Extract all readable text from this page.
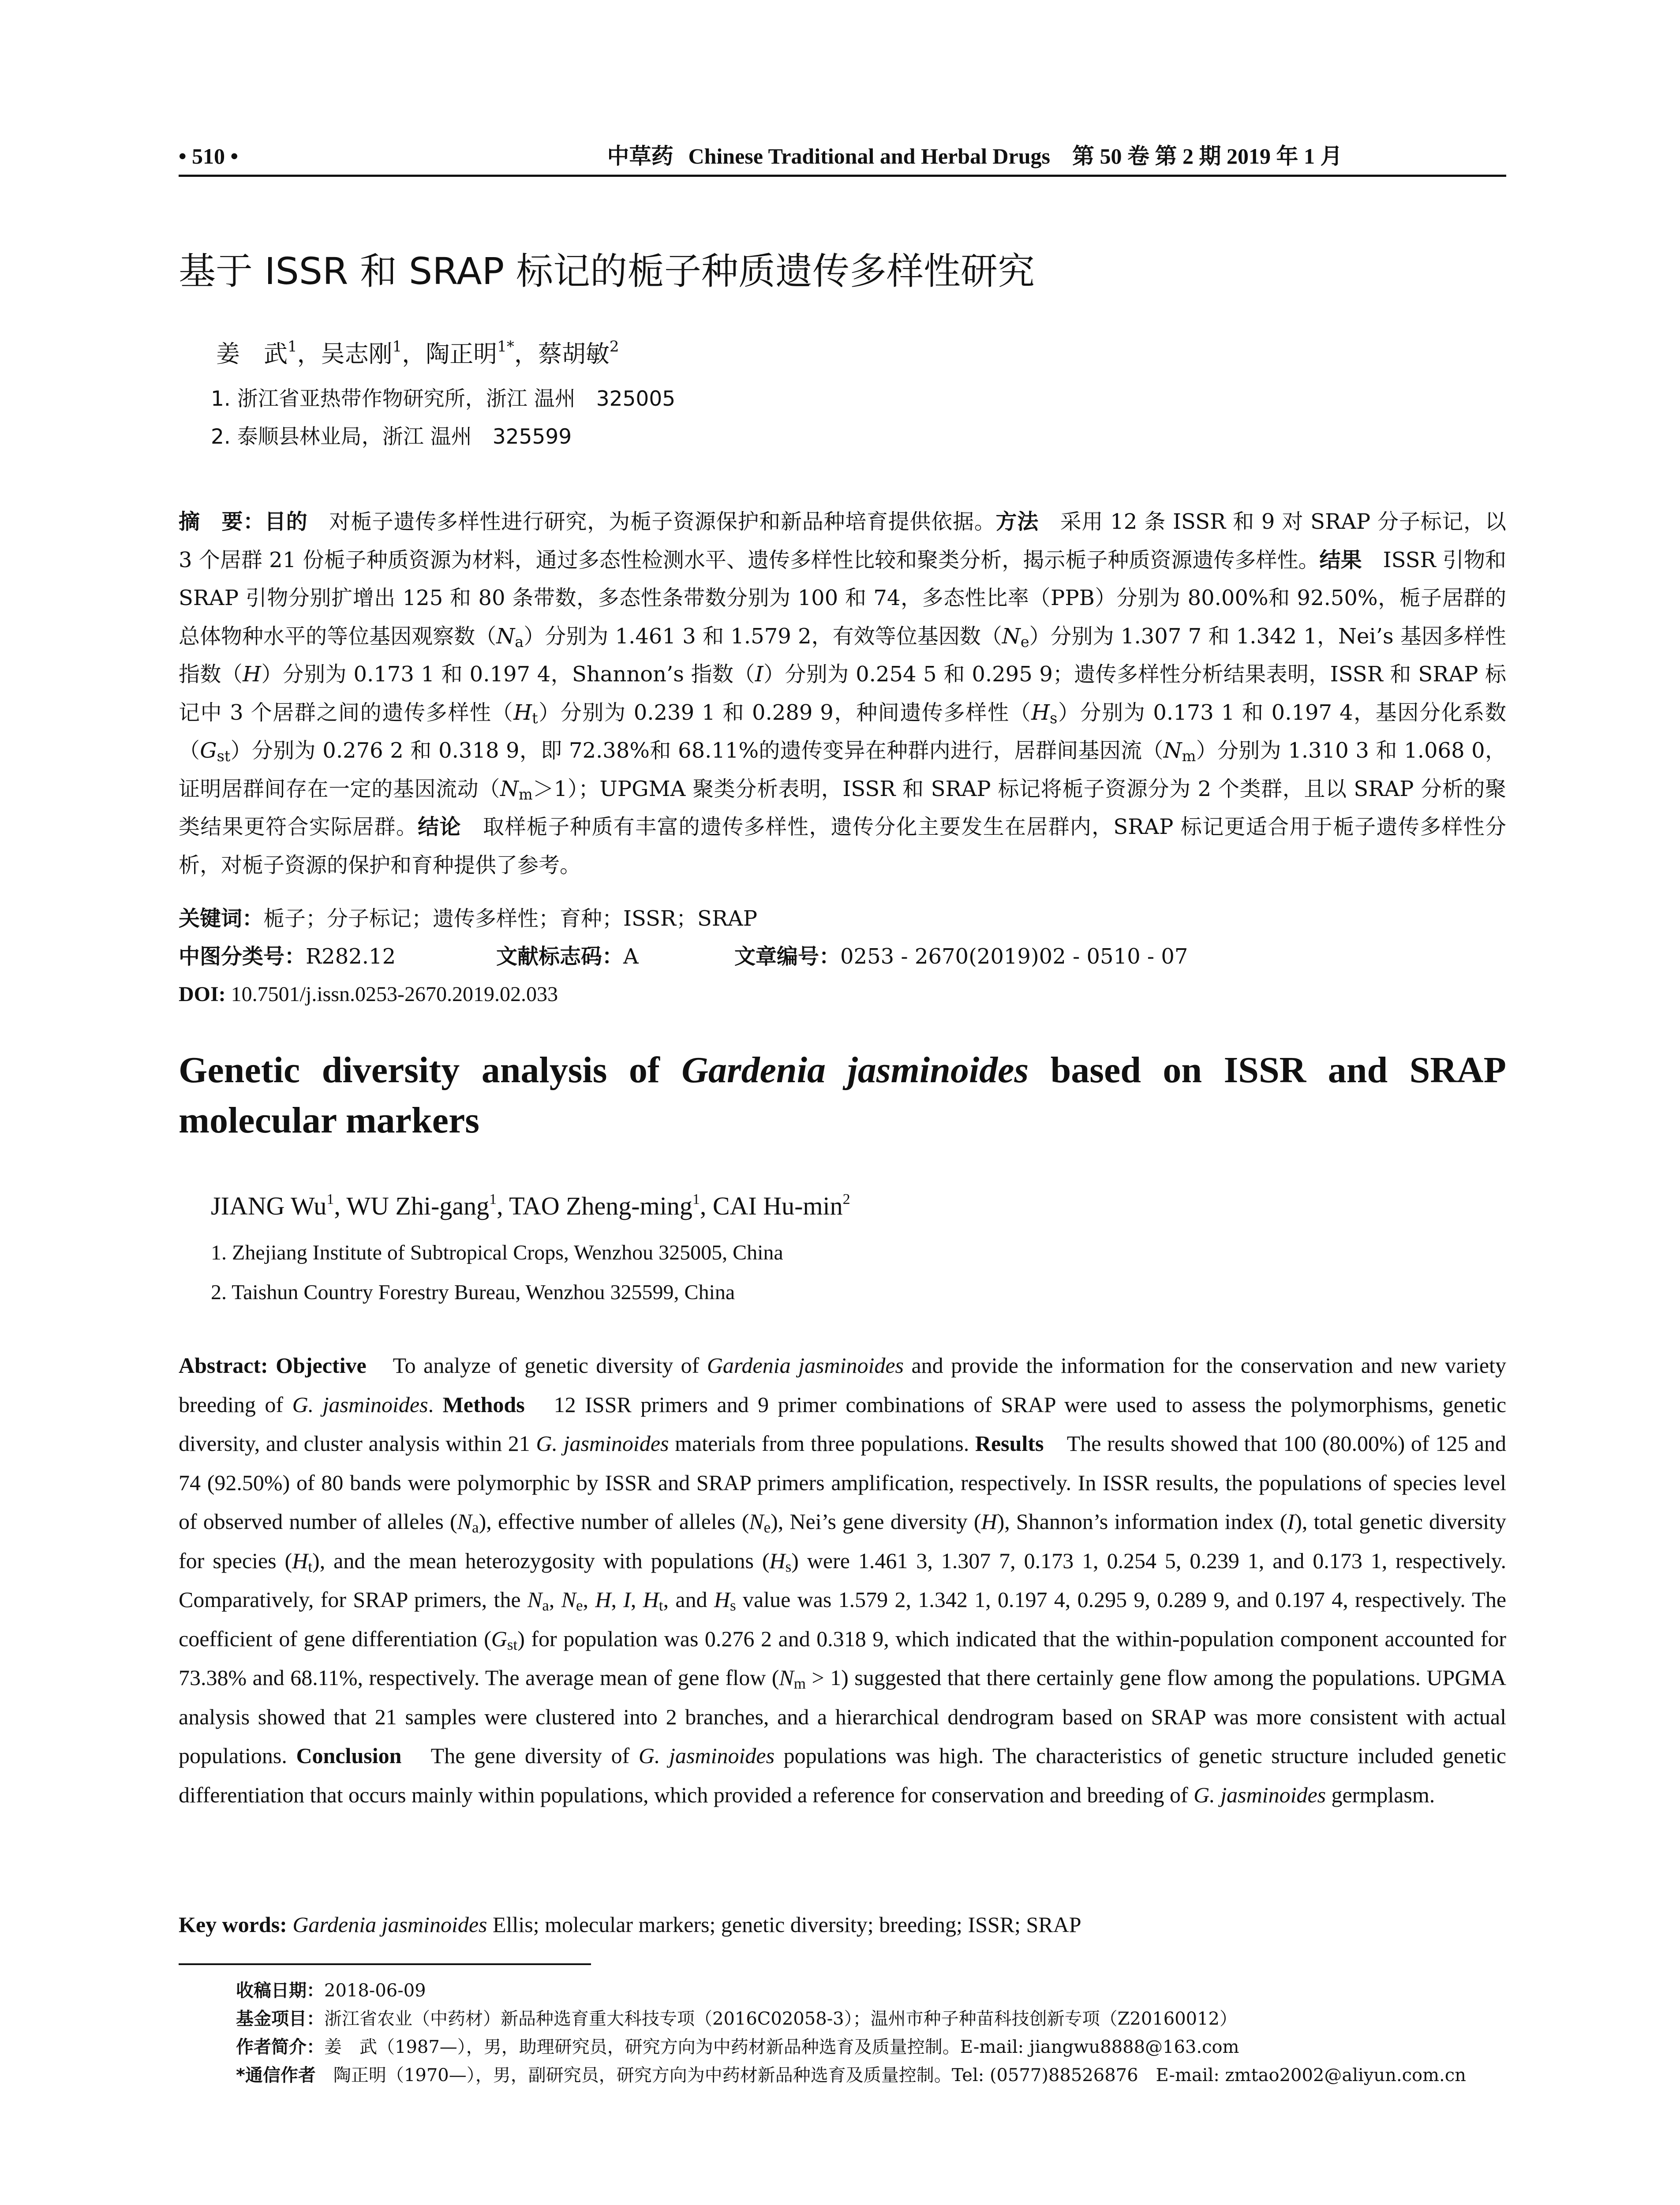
• 510 •	中草药 Chinese Traditional and Herbal Drugs　 第 50 卷 第 2 期 2019 年 1 月
基于 ISSR 和 SRAP 标记的栀子种质遗传多样性研究
姜　武$^1$，吴志刚$^1$，陶正明$^{1*}$，蔡胡敏$^2$
1. 浙江省亚热带作物研究所，浙江 温州　325005
2. 泰顺县林业局，浙江 温州　325599

摘　要：目的　 对栀子遗传多样性进行研究，为栀子资源保护和新品种培育提供依据。方法　 采用 12 条 ISSR 和 9 对 SRAP 分子标记，以 3 个居群 21 份栀子种质资源为材料，通过多态性检测水平、遗传多样性比较和聚类分析，揭示栀子种质资源遗传多样性。结果　 ISSR 引物和 SRAP 引物分别扩增出 125 和 80 条带数，多态性条带数分别为 100 和 74，多态性比率（PPB）分别为 80.00%和 92.50%，栀子居群的总体物种水平的等位基因观察数$(N_a)$分别为 1.461 3 和 1.579 2，有效等位基因数$(N_e)$分别为 1.307 7 和 1.342 1，Nei’s 基因多样性指数（H）分别为 0.173 1 和 0.197 4，Shannon’s 指数（I）分别为 0.254 5 和 0.295 9；遗传多样性分析结果表明，ISSR 和 SRAP 标记中 3 个居群之间的遗传多样性$(H_t)$分别为 0.239 1 和 0.289 9，种间遗传多样性$(H_s)$分别为 0.173 1 和 0.197 4，基因分化系数$(G_{st})$分别为 0.276 2 和 0.318 9，即 72.38%和 68.11%的遗传变异在种群内进行，居群间基因流$(N_m)$分别为 1.310 3 和 1.068 0，证明居群间存在一定的基因流动$(N_m>1)$；UPGMA 聚类分析表明，ISSR 和 SRAP 标记将栀子资源分为 2 个类群，且以 SRAP 分析的聚类结果更符合实际居群。结论　 取样栀子种质有丰富的遗传多样性，遗传分化主要发生在居群内，SRAP 标记更适合用于栀子遗传多样性分析，对栀子资源的保护和育种提供了参考。

关键词：栀子；分子标记；遗传多样性；育种；ISSR；SRAP
中图分类号：R282.12	文献标志码：A	文章编号：0253 - 2670(2019)02 - 0510 - 07
DOI: 10.7501/j.issn.0253-2670.2019.02.033
Genetic diversity analysis of Gardenia jasminoides based on ISSR and SRAP molecular markers
JIANG Wu$^1$, WU Zhi-gang$^1$, TAO Zheng-ming$^1$, CAI $Hu-\min^2$
1. Zhejiang Institute of Subtropical Crops, Wenzhou 325005, China
2. Taishun Country Forestry Bureau, Wenzhou 325599, China
Abstract: Objective　 To analyze of genetic diversity of Gardenia jasminoides and provide the information for the conservation and new variety breeding of G. jasminoides. Methods　 12 ISSR primers and 9 primer combinations of SRAP were used to assess the polymorphisms, genetic diversity, and cluster analysis within 21 G. jasminoides materials from three populations. Results　 The results showed that 100 (80.00%) of 125 and 74 (92.50%) of 80 bands were polymorphic by ISSR and SRAP primers amplification, respectively. In ISSR results, the populations of species level of observed number of alleles $(N_a)$, effective number of alleles $(N_e)$, Nei’s gene diversity (H), Shannon’s information index (I), total genetic diversity for species $(H_t)$, and the mean heterozygosity with populations $(H_s)$ were 1.461 3, 1.307 7, 0.173 1, 0.254 5, 0.239 1, and 0.173 1, respectively. Comparatively, for SRAP primers, the $N_a$, $N_e$, H, I, $H_t$, and $H_s$ value was 1.579 2, 1.342 1, 0.197 4, 0.295 9, 0.289 9, and 0.197 4, respectively. The coefficient of gene differentiation $(G_{st})$ for population was 0.276 2 and 0.318 9, which indicated that the within-population component accounted for 73.38% and 68.11%, respectively. The average mean of gene flow $(N_m > 1)$ suggested that there certainly gene flow among the populations. UPGMA analysis showed that 21 samples were clustered into 2 branches, and a hierarchical dendrogram based on SRAP was more consistent with actual populations. Conclusion　 The gene diversity of G. jasminoides populations was high. The characteristics of genetic structure included genetic differentiation that occurs mainly within populations, which provided a reference for conservation and breeding of G. jasminoides germplasm.
Key words: Gardenia jasminoides Ellis; molecular markers; genetic diversity; breeding; ISSR; SRAP
收稿日期：2018-06-09
基金项目：浙江省农业（中药材）新品种选育重大科技专项（2016C02058-3）；温州市种子种苗科技创新专项（Z20160012）
作者简介：姜　武（1987—），男，助理研究员，研究方向为中药材新品种选育及质量控制。E-mail: jiangwu8888@163.com
*通信作者　 陶正明（1970—），男，副研究员，研究方向为中药材新品种选育及质量控制。Tel: (0577)88526876　E-mail: zmtao2002@aliyun.com.cn
